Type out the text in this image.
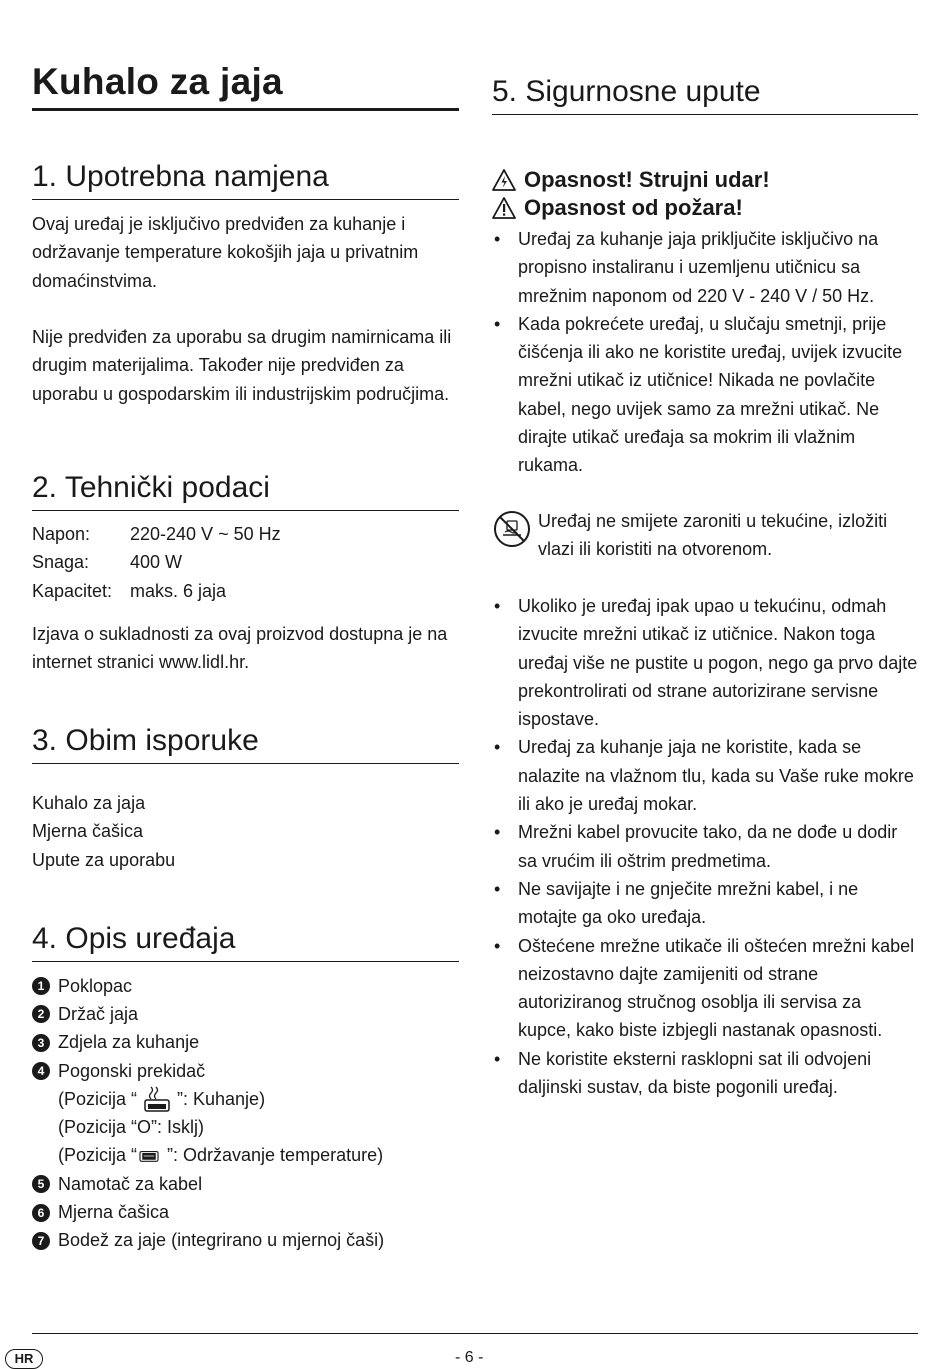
Kuhalo za jaja
1. Upotrebna namjena

Ovaj uređaj je isključivo predviđen za kuhanje i održavanje temperature kokošjih jaja u privatnim domaćinstvima.

Nije predviđen za uporabu sa drugim namirnicama ili drugim materijalima. Također nije predviđen za uporabu u gospodarskim ili industrijskim područjima.

2. Tehnički podaci
Napon:	220-240 V ~ 50 Hz
Snaga:	400 W
Kapacitet: maks. 6 jaja

Izjava o sukladnosti za ovaj proizvod dostupna je na internet stranici www.lidl.hr.

3. Obim isporuke
Kuhalo za jaja
Mjerna čašica
Upute za uporabu
4. Opis uređaja
1 Poklopac
2 Držač jaja
3 Zdjela za kuhanje
4 Pogonski prekidač
(Pozicija “ ”: Kuhanje)
(Pozicija “O”: Isklj)
(Pozicija “ ”: Održavanje temperature)
5 Namotač za kabel
6 Mjerna čašica
7 Bodež za jaje (integrirano u mjernoj čaši)
5. Sigurnosne upute
Opasnost! Strujni udar!
Opasnost od požara!
• Uređaj za kuhanje jaja priključite isključivo na propisno instaliranu i uzemljenu utičnicu sa mrežnim naponom od 220 V - 240 V / 50 Hz.
• Kada pokrećete uređaj, u slučaju smetnji, prije čišćenja ili ako ne koristite uređaj, uvijek izvucite mrežni utikač iz utičnice! Nikada ne povlačite kabel, nego uvijek samo za mrežni utikač. Ne dirajte utikač uređaja sa mokrim ili vlažnim rukama.
Uređaj ne smijete zaroniti u tekućine, izložiti vlazi ili koristiti na otvorenom.
• Ukoliko je uređaj ipak upao u tekućinu, odmah izvucite mrežni utikač iz utičnice. Nakon toga uređaj više ne pustite u pogon, nego ga prvo dajte prekontrolirati od strane autorizirane servisne ispostave.
• Uređaj za kuhanje jaja ne koristite, kada se nalazite na vlažnom tlu, kada su Vaše ruke mokre ili ako je uređaj mokar.
• Mrežni kabel provucite tako, da ne dođe u dodir sa vrućim ili oštrim predmetima.
• Ne savijajte i ne gnječite mrežni kabel, i ne motajte ga oko uređaja.
• Oštećene mrežne utikače ili oštećen mrežni kabel neizostavno dajte zamijeniti od strane autoriziranog stručnog osoblja ili servisa za kupce, kako biste izbjegli nastanak opasnosti.
• Ne koristite eksterni rasklopni sat ili odvojeni daljinski sustav, da biste pogonili uređaj.
HR	- 6 -
